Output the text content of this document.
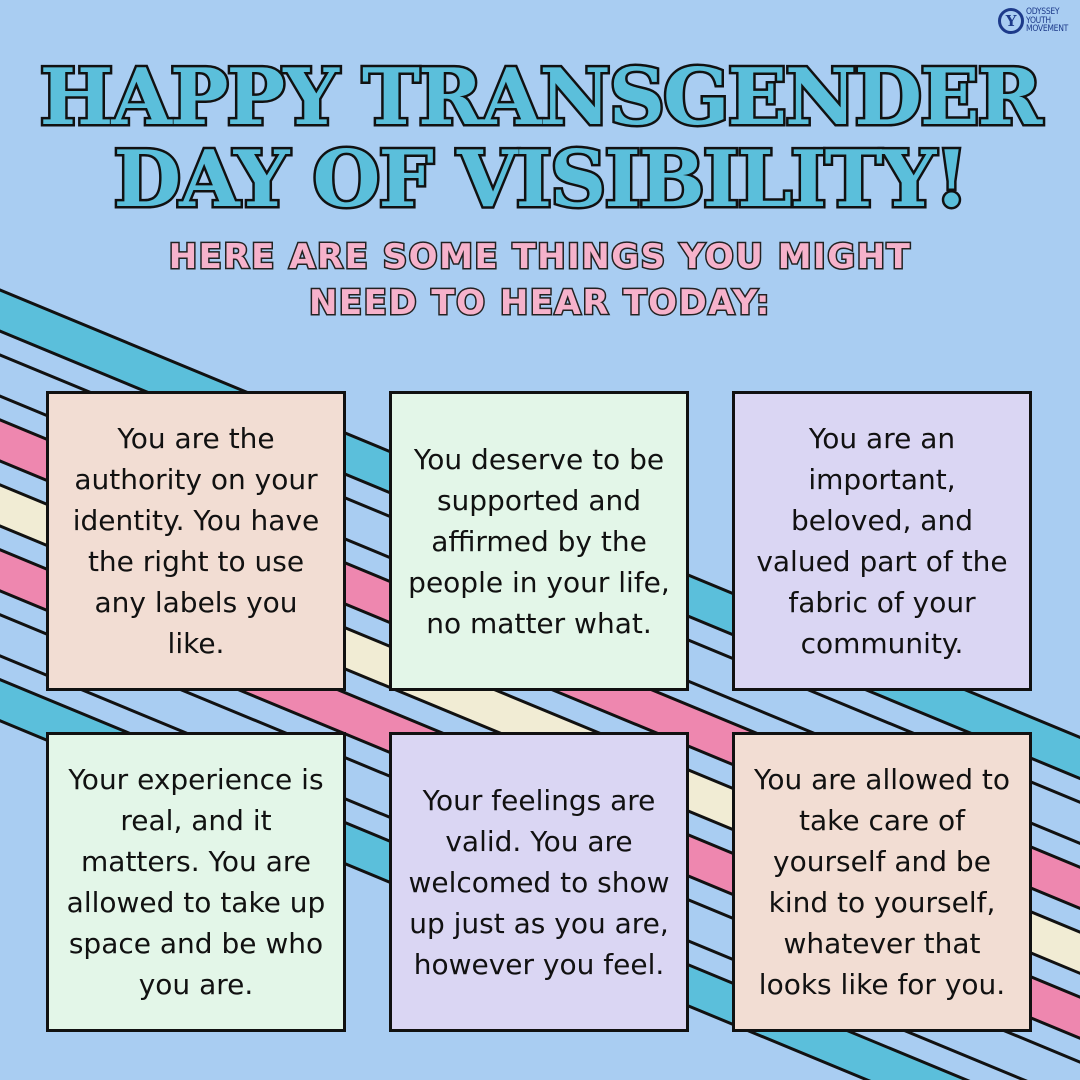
Y	ODYSSEY
YOUTH
MOVEMENT
HAPPY TRANSGENDER
DAY OF VISIBILITY!
HERE ARE SOME THINGS YOU MIGHT
NEED TO HEAR TODAY:
You are the authority on your identity. You have the right to use any labels you like.
You deserve to be supported and affirmed by the people in your life, no matter what.
You are an important, beloved, and valued part of the fabric of your community.
Your experience is real, and it matters. You are allowed to take up space and be who you are.
Your feelings are valid. You are welcomed to show up just as you are, however you feel.
You are allowed to take care of yourself and be kind to yourself, whatever that looks like for you.
